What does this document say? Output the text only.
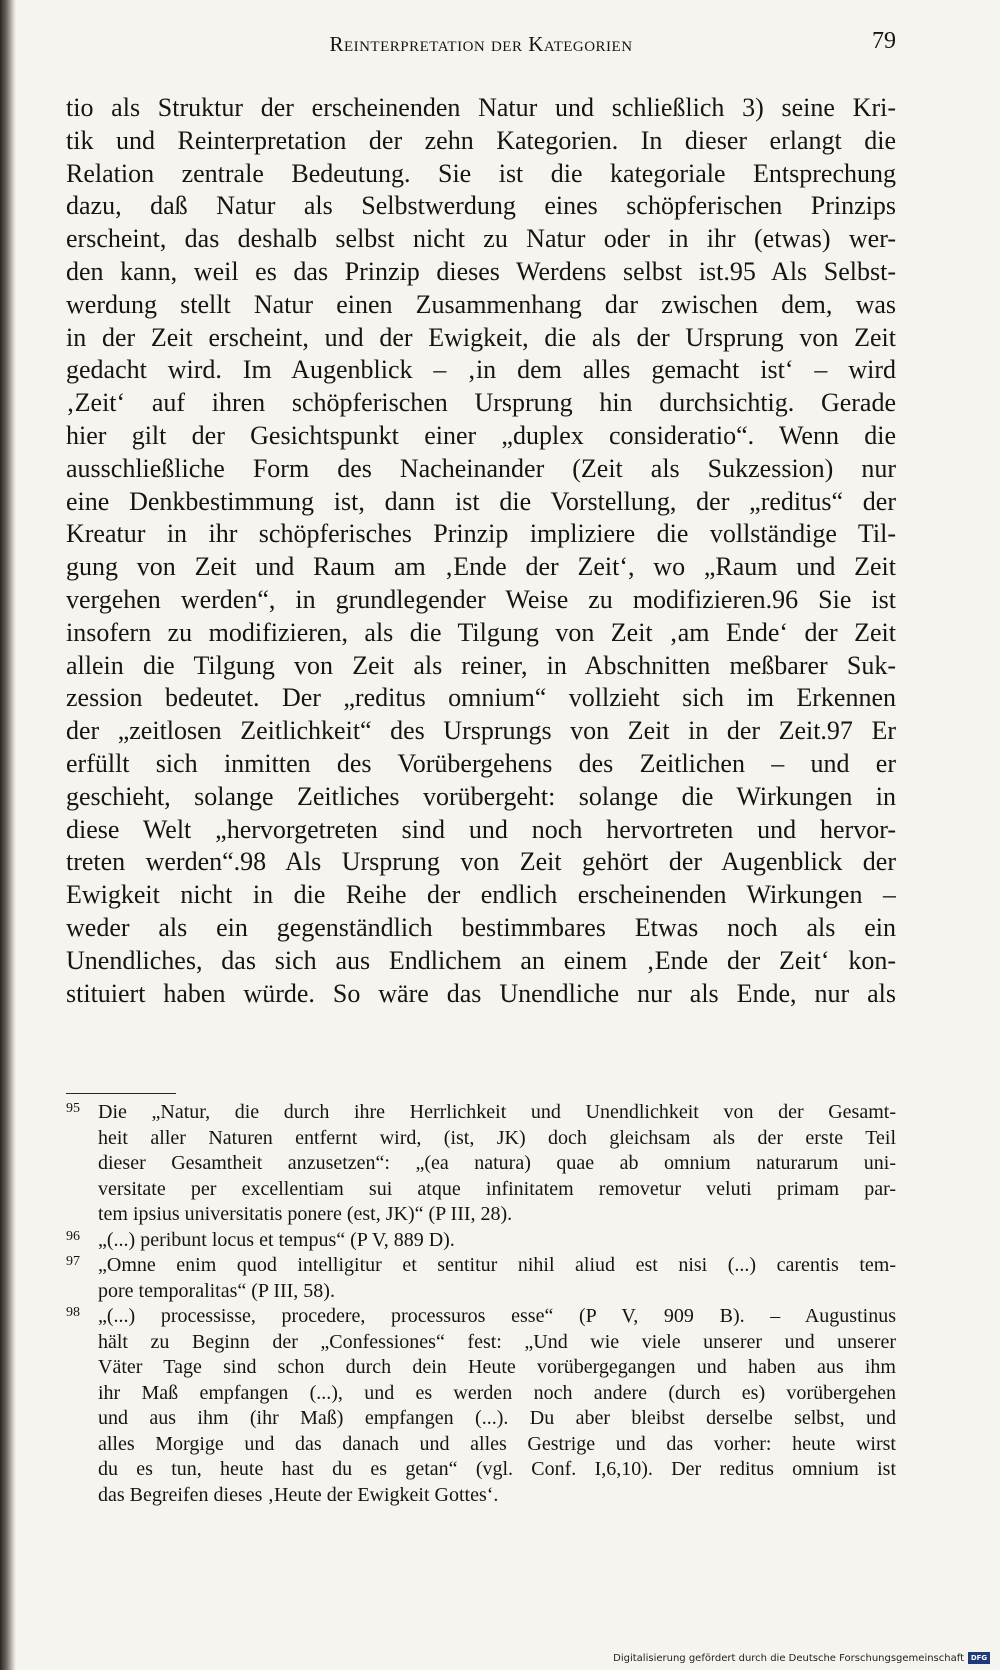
Reinterpretation der Kategorien	79
tio als Struktur der erscheinenden Natur und schließlich 3) seine Kri-
tik und Reinterpretation der zehn Kategorien. In dieser erlangt die
Relation zentrale Bedeutung. Sie ist die kategoriale Entsprechung
dazu, daß Natur als Selbstwerdung eines schöpferischen Prinzips
erscheint, das deshalb selbst nicht zu Natur oder in ihr (etwas) wer-
den kann, weil es das Prinzip dieses Werdens selbst ist.95 Als Selbst-
werdung stellt Natur einen Zusammenhang dar zwischen dem, was
in der Zeit erscheint, und der Ewigkeit, die als der Ursprung von Zeit
gedacht wird. Im Augenblick – ‚in dem alles gemacht ist‘ – wird
‚Zeit‘ auf ihren schöpferischen Ursprung hin durchsichtig. Gerade
hier gilt der Gesichtspunkt einer „duplex consideratio“. Wenn die
ausschließliche Form des Nacheinander (Zeit als Sukzession) nur
eine Denkbestimmung ist, dann ist die Vorstellung, der „reditus“ der
Kreatur in ihr schöpferisches Prinzip impliziere die vollständige Til-
gung von Zeit und Raum am ‚Ende der Zeit‘, wo „Raum und Zeit
vergehen werden“, in grundlegender Weise zu modifizieren.96 Sie ist
insofern zu modifizieren, als die Tilgung von Zeit ‚am Ende‘ der Zeit
allein die Tilgung von Zeit als reiner, in Abschnitten meßbarer Suk-
zession bedeutet. Der „reditus omnium“ vollzieht sich im Erkennen
der „zeitlosen Zeitlichkeit“ des Ursprungs von Zeit in der Zeit.97 Er
erfüllt sich inmitten des Vorübergehens des Zeitlichen – und er
geschieht, solange Zeitliches vorübergeht: solange die Wirkungen in
diese Welt „hervorgetreten sind und noch hervortreten und hervor-
treten werden“.98 Als Ursprung von Zeit gehört der Augenblick der
Ewigkeit nicht in die Reihe der endlich erscheinenden Wirkungen –
weder als ein gegenständlich bestimmbares Etwas noch als ein
Unendliches, das sich aus Endlichem an einem ‚Ende der Zeit‘ kon-
stituiert haben würde. So wäre das Unendliche nur als Ende, nur als
95 Die „Natur, die durch ihre Herrlichkeit und Unendlichkeit von der Gesamt-
heit aller Naturen entfernt wird, (ist, JK) doch gleichsam als der erste Teil
dieser Gesamtheit anzusetzen“: „(ea natura) quae ab omnium naturarum uni-
versitate per excellentiam sui atque infinitatem removetur veluti primam par-
tem ipsius universitatis ponere (est, JK)“ (P III, 28).
96 „(...) peribunt locus et tempus“ (P V, 889 D).
97 „Omne enim quod intelligitur et sentitur nihil aliud est nisi (...) carentis tem-
pore temporalitas“ (P III, 58).
98 „(...) processisse, procedere, processuros esse“ (P V, 909 B). – Augustinus
hält zu Beginn der „Confessiones“ fest: „Und wie viele unserer und unserer
Väter Tage sind schon durch dein Heute vorübergegangen und haben aus ihm
ihr Maß empfangen (...), und es werden noch andere (durch es) vorübergehen
und aus ihm (ihr Maß) empfangen (...). Du aber bleibst derselbe selbst, und
alles Morgige und das danach und alles Gestrige und das vorher: heute wirst
du es tun, heute hast du es getan“ (vgl. Conf. I,6,10). Der reditus omnium ist
das Begreifen dieses ‚Heute der Ewigkeit Gottes‘.
Digitalisierung gefördert durch die Deutsche Forschungsgemeinschaft DFG
